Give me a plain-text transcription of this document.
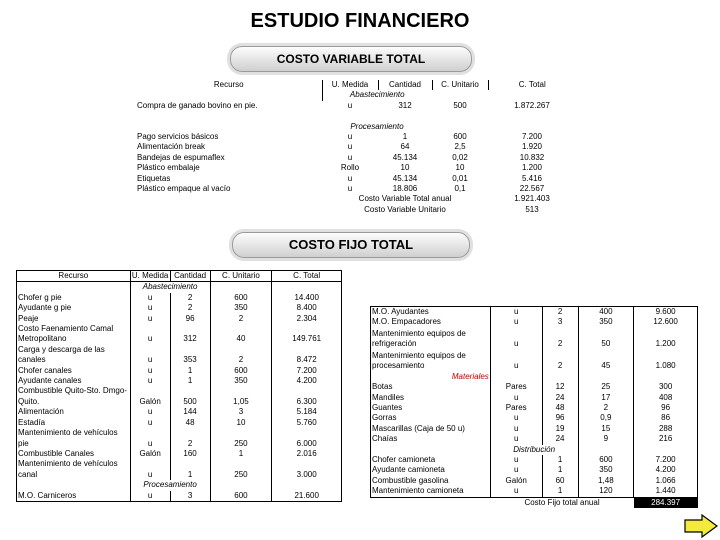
ESTUDIO FINANCIERO
COSTO VARIABLE TOTAL
Recurso	U. Medida	Cantidad	C. Unitario	C. Total
	Abastecimiento			
Compra de ganado bovino en pie.	u	312	500	1.872.267

	Procesamiento			
Pago servicios básicos	u	1	600	7.200
Alimentación break	u	64	2,5	1.920
Bandejas de espumaflex	u	45.134	0,02	10.832
Plástico embalaje	Rollo	10	10	1.200
Etiquetas	u	45.134	0,01	5.416
Plástico empaque al vacío	u	18.806	0,1	22.567
	Costo Variable Total anual			1.921.403
	Costo Variable Unitario			513
COSTO FIJO TOTAL
Recurso	U. Medida	Cantidad	C. Unitario	C. Total
	Abastecimiento			
Chofer g pie	u	2	600	14.400
Ayudante g pie	u	2	350	8.400
Peaje	u	96	2	2.304
Costo Faenamiento Camal Metropolitano	u	312	40	149.761
Carga y descarga de las canales	u	353	2	8.472
Chofer canales	u	1	600	7.200
Ayudante canales	u	1	350	4.200
Combustible Quito-Sto. Dmgo-Quito.	Galón	500	1,05	6.300
Alimentación	u	144	3	5.184
Estadía	u	48	10	5.760
Mantenimiento de vehículos pie	u	2	250	6.000
Combustible Canales	Galón	160	1	2.016
Mantenimiento de vehículos canal	u	1	250	3.000
	Procesamiento			
M.O. Carniceros	u	3	600	21.600
M.O. Ayudantes	u	2	400	9.600
M.O. Empacadores	u	3	350	12.600
Mantenimiento equipos de refrigeración	u	2	50	1.200
Mantenimiento equipos de procesamiento	u	2	45	1.080
Materiales				
Botas	Pares	12	25	300
Mandiles	u	24	17	408
Guantes	Pares	48	2	96
Gorras	u	96	0,9	86
Mascarillas (Caja de 50 u)	u	19	15	288
Chaías	u	24	9	216
	Distribución			
Chofer camioneta	u	1	600	7.200
Ayudante camioneta	u	1	350	4.200
Combustible gasolina	Galón	60	1,48	1.066
Mantenimiento camioneta	u	1	120	1.440
	Costo Fijo total anual			284.397
